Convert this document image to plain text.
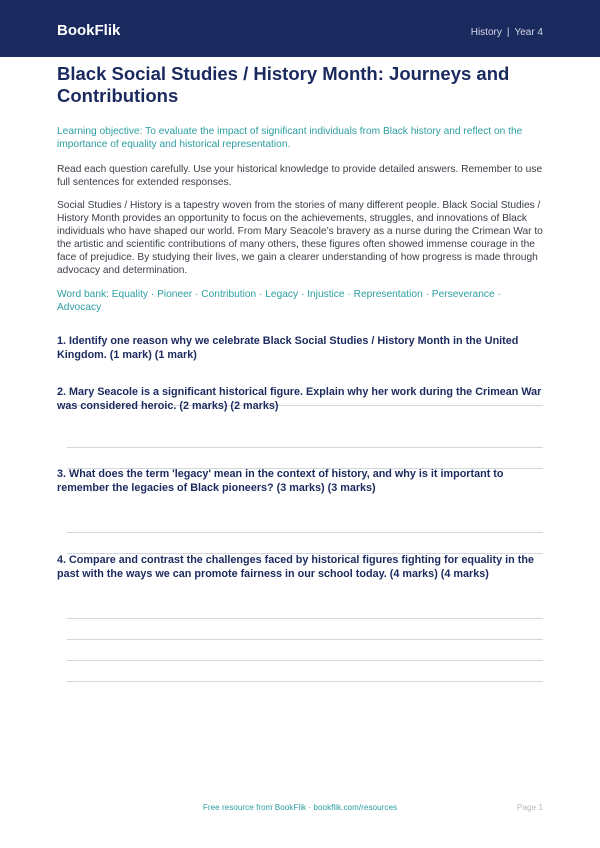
BookFlik	History | Year 4
Black Social Studies / History Month: Journeys and Contributions

Learning objective: To evaluate the impact of significant individuals from Black history and reflect on the importance of equality and historical representation.

Read each question carefully. Use your historical knowledge to provide detailed answers. Remember to use full sentences for extended responses.

Social Studies / History is a tapestry woven from the stories of many different people. Black Social Studies / History Month provides an opportunity to focus on the achievements, struggles, and innovations of Black individuals who have shaped our world. From Mary Seacole’s bravery as a nurse during the Crimean War to the artistic and scientific contributions of many others, these figures often showed immense courage in the face of prejudice. By studying their lives, we gain a clearer understanding of how progress is made through advocacy and determination.

Word bank: Equality · Pioneer · Contribution · Legacy · Injustice · Representation · Perseverance· Advocacy

1. Identify one reason why we celebrate Black Social Studies / History Month in the United Kingdom. (1 mark) (1 mark)

2. Mary Seacole is a significant historical figure. Explain why her work during the Crimean War was considered heroic. (2 marks) (2 marks)

3. What does the term 'legacy' mean in the context of history, and why is it important to remember the legacies of Black pioneers? (3 marks) (3 marks)

4. Compare and contrast the challenges faced by historical figures fighting for equality in the past with the ways we can promote fairness in our school today. (4 marks) (4 marks)

Free resource from BookFlik · bookflik.com/resources	Page 1
